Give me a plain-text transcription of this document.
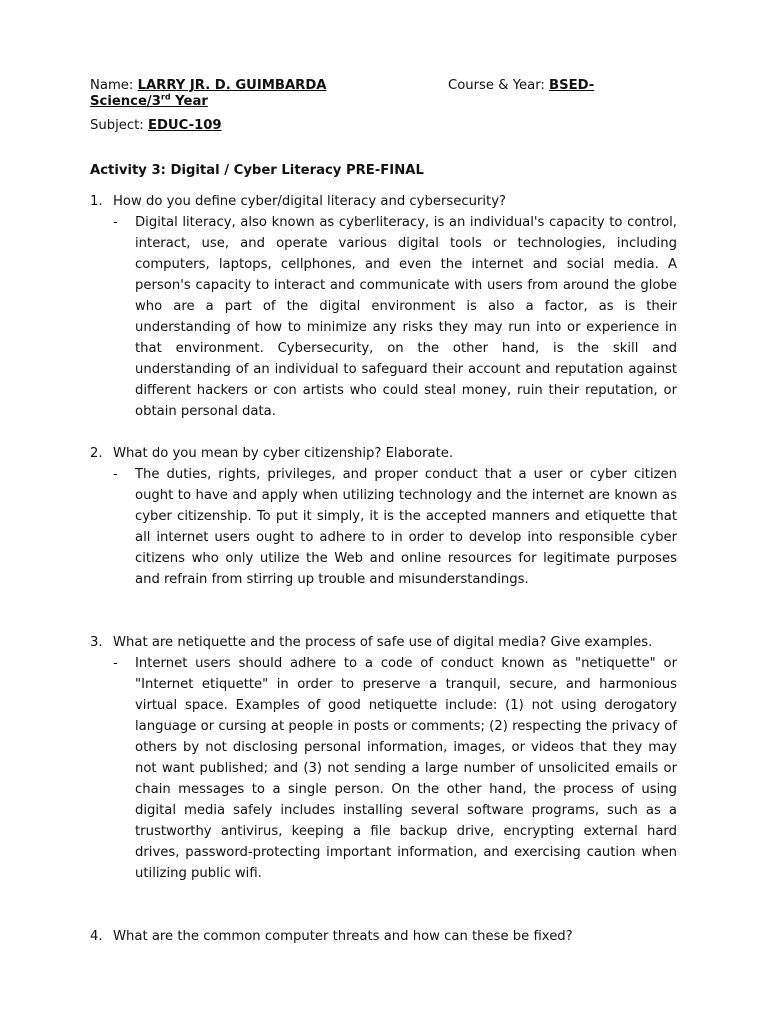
Name: LARRY JR. D. GUIMBARDA	Course & Year: BSED-
Science/3rd Year
Subject: EDUC-109
Activity 3: Digital / Cyber Literacy PRE-FINAL
1. How do you define cyber/digital literacy and cybersecurity?
- Digital literacy, also known as cyberliteracy, is an individual's capacity to control, interact, use, and operate various digital tools or technologies, including computers, laptops, cellphones, and even the internet and social media. A person's capacity to interact and communicate with users from around the globe who are a part of the digital environment is also a factor, as is their understanding of how to minimize any risks they may run into or experience in that environment. Cybersecurity, on the other hand, is the skill and understanding of an individual to safeguard their account and reputation against different hackers or con artists who could steal money, ruin their reputation, or obtain personal data.
2. What do you mean by cyber citizenship? Elaborate.
- The duties, rights, privileges, and proper conduct that a user or cyber citizen ought to have and apply when utilizing technology and the internet are known as cyber citizenship. To put it simply, it is the accepted manners and etiquette that all internet users ought to adhere to in order to develop into responsible cyber citizens who only utilize the Web and online resources for legitimate purposes and refrain from stirring up trouble and misunderstandings.
3. What are netiquette and the process of safe use of digital media? Give examples.
- Internet users should adhere to a code of conduct known as "netiquette" or "Internet etiquette" in order to preserve a tranquil, secure, and harmonious virtual space. Examples of good netiquette include: (1) not using derogatory language or cursing at people in posts or comments; (2) respecting the privacy of others by not disclosing personal information, images, or videos that they may not want published; and (3) not sending a large number of unsolicited emails or chain messages to a single person. On the other hand, the process of using digital media safely includes installing several software programs, such as a trustworthy antivirus, keeping a file backup drive, encrypting external hard drives, password-protecting important information, and exercising caution when utilizing public wifi.
4. What are the common computer threats and how can these be fixed?
